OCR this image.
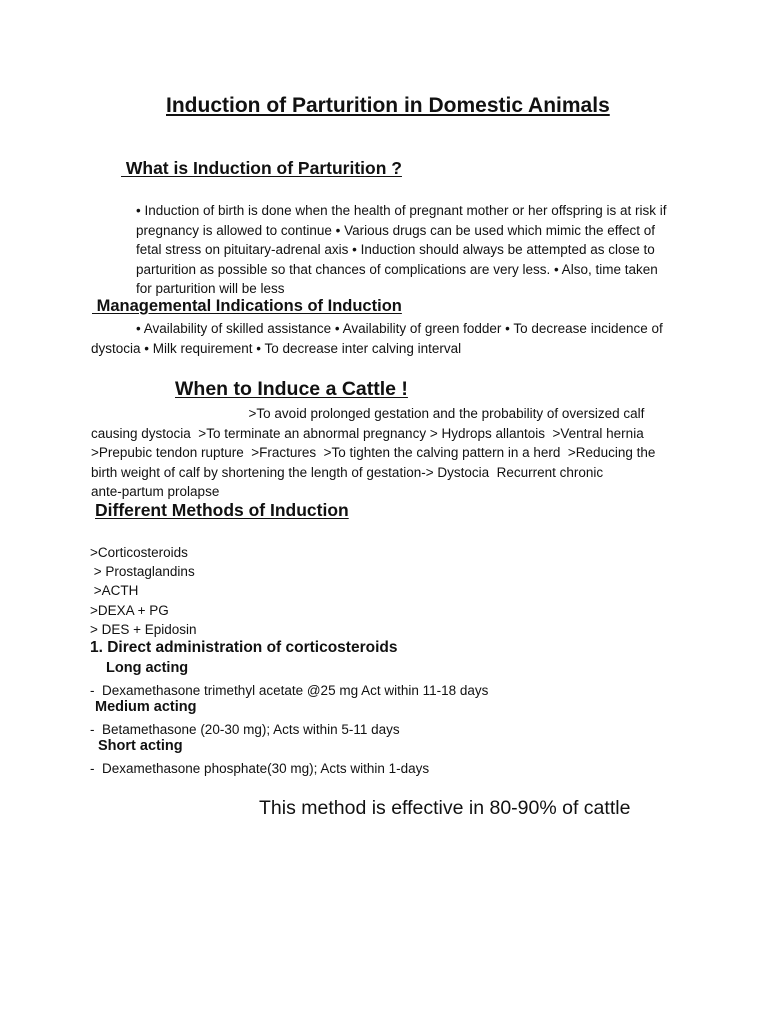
Induction of Parturition in Domestic Animals
What is Induction of Parturition ?
• Induction of birth is done when the health of pregnant mother or her offspring is at risk if
pregnancy is allowed to continue • Various drugs can be used which mimic the effect of
fetal stress on pituitary-adrenal axis • Induction should always be attempted as close to
parturition as possible so that chances of complications are very less. • Also, time taken
for parturition will be less
Managemental Indications of Induction
• Availability of skilled assistance • Availability of green fodder • To decrease incidence of
dystocia • Milk requirement • To decrease inter calving interval
When to Induce a Cattle !
>To avoid prolonged gestation and the probability of oversized calf
causing dystocia  >To terminate an abnormal pregnancy > Hydrops allantois  >Ventral hernia
>Prepubic tendon rupture  >Fractures  >To tighten the calving pattern in a herd  >Reducing the
birth weight of calf by shortening the length of gestation-> Dystocia  Recurrent chronic
ante-partum prolapse
Different Methods of Induction
>Corticosteroids
> Prostaglandins
>ACTH
>DEXA + PG
> DES + Epidosin
1. Direct administration of corticosteroids
Long acting
-  Dexamethasone trimethyl acetate @25 mg Act within 11-18 days
Medium acting
-  Betamethasone (20-30 mg); Acts within 5-11 days
Short acting
-  Dexamethasone phosphate(30 mg); Acts within 1-days
This method is effective in 80-90% of cattle
